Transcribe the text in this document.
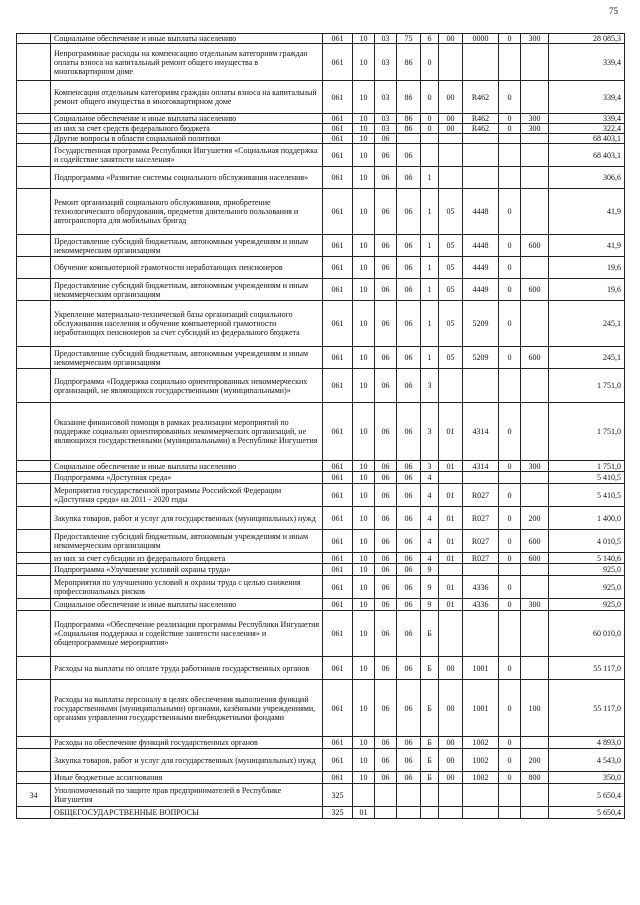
75
	Социальное обеспечение и иные выплаты населению	061	10	03	75	6	00	0000	0	300	28 085,3
	Непрограммные расходы на компенсацию отдельным категориям граждан оплаты взноса на капитальный ремонт общего имущества в многоквартирном доме	061	10	03	86	0					339,4
	Компенсация отдельным категориям граждан оплаты взноса на капитальный ремонт общего имущества в многоквартирном доме	061	10	03	86	0	00	R462	0		339,4
	Социальное обеспечение и иные выплаты населению	061	10	03	86	0	00	R462	0	300	339,4
	из них за счет средств федерального бюджета	061	10	03	86	0	00	R462	0	300	322,4
	Другие вопросы в области социальной политики	061	10	06							68 403,1
	Государственная программа Республики Ингушетия «Социальная поддержка и содействие занятости населения»	061	10	06	06						68 403,1
	Подпрограмма «Развитие системы социального обслуживания населения»	061	10	06	06	1					306,6
	Ремонт организаций социального обслуживания, приобретение технологического оборудования, предметов длительного пользования и автогранспорта для мобильных бригад	061	10	06	06	1	05	4448	0		41,9
	Предоставление субсидий бюджетным, автономным учреждениям и иным некоммерческим организациям	061	10	06	06	1	05	4448	0	600	41,9
	Обучение компьютерной грамотности неработающих пенсионеров	061	10	06	06	1	05	4449	0		19,6
	Предоставление субсидий бюджетным, автономным учреждениям и иным некоммерческим организациям	061	10	06	06	1	05	4449	0	600	19,6
	Укрепление материально-технической базы организаций социального обслуживания населения и обучение компьютерной грамотности неработающих пенсионеров за счет субсидий из федерального бюджета	061	10	06	06	1	05	5209	0		245,1
	Предоставление субсидий бюджетным, автономным учреждениям и иным некоммерческим организациям	061	10	06	06	1	05	5209	0	600	245,1
	Подпрограмма «Поддержка социально ориентированных некоммерческих организаций, не являющихся государственными (муниципальными)»	061	10	06	06	3					1 751,0
	Оказание финансовой помощи в рамках реализации мероприятий по поддержке социально ориентированных некоммерческих организаций, не являющихся государственными (муниципальными) в Республике Ингушетия	061	10	06	06	3	01	4314	0		1 751,0
	Социальное обеспечение и иные выплаты населению	061	10	06	06	3	01	4314	0	300	1 751,0
	Подпрограмма «Доступная среда»	061	10	06	06	4					5 410,5
	Мероприятия государственной программы Российской Федерации «Доступная среда» на 2011 - 2020 годы	061	10	06	06	4	01	R027	0		5 410,5
	Закупка товаров, работ и услуг для государственных (муниципальных) нужд	061	10	06	06	4	01	R027	0	200	1 400,0
	Предоставление субсидий бюджетным, автономным учреждениям и иным некоммерческим организациям	061	10	06	06	4	01	R027	0	600	4 010,5
	из них за счет субсидии из федерального бюджета	061	10	06	06	4	01	R027	0	600	5 140,6
	Подпрограмма «Улучшение условий охраны труда»	061	10	06	06	9					925,0
	Мероприятия по улучшению условий и охраны труда с целью снижения профессиональных рисков	061	10	06	06	9	01	4336	0		925,0
	Социальное обеспечение и иные выплаты населению	061	10	06	06	9	01	4336	0	300	925,0
	Подпрограмма «Обеспечение реализации программы Республики Ингушетия «Социальная поддержка и содействие занятости населения» и общепрограммные мероприятия»	061	10	06	06	Б					60 010,0
	Расходы на выплаты по оплате труда работников государственных органов	061	10	06	06	Б	00	1001	0		55 117,0
	Расходы на выплаты персоналу в целях обеспечения выполнения функций государственными (муниципальными) органами, казёнными учреждениями, органами управления государственными внебюджетными фондами	061	10	06	06	Б	00	1001	0	100	55 117,0
	Расходы на обеспечение функций государственных органов	061	10	06	06	Б	00	1002	0		4 893,0
	Закупка товаров, работ и услуг для государственных (муниципальных) нужд	061	10	06	06	Б	00	1002	0	200	4 543,0
	Иные бюджетные ассигнования	061	10	06	06	Б	00	1002	0	800	350,0
34	Уполномоченный по защите прав предпринимателей в Республике Ингушетия	325									5 650,4
	ОБЩЕГОСУДАРСТВЕННЫЕ ВОПРОСЫ	325	01								5 650,4
